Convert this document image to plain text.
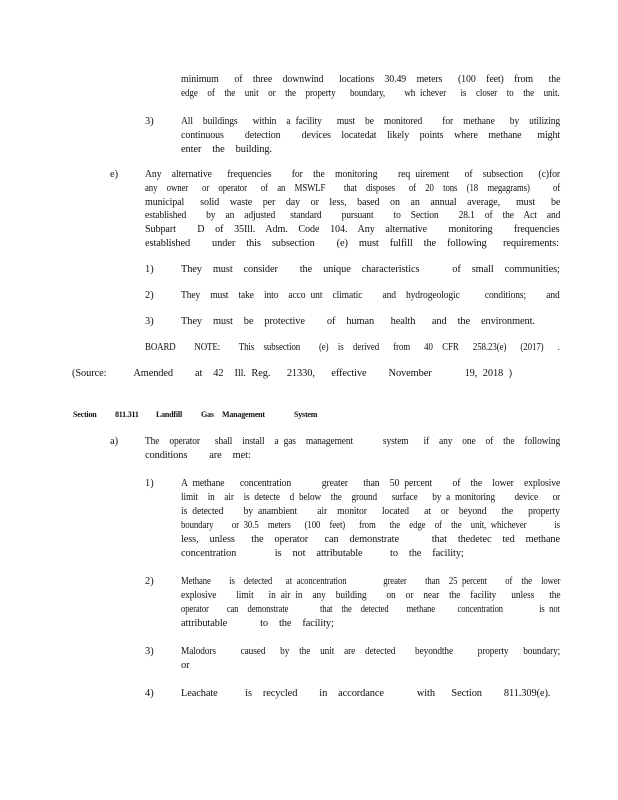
minimum   of  three  downwind   locations  30.49  meters   (100  feet)  from   the
edge  of  the  unit  or  the  property   boundary,    wh ichever   is  closer  to  the  unit.
3)	All  buildings   within  a facility   must  be  monitored    for  methane   by  utilizing
continuous    detection    devices  locatedat  likely  points  where  methane   might
enter  the  building.
e)	Any  alternative   frequencies    for  the  monitoring    req uirement   of  subsection   (c)for
any  owner   or  operator   of  an  MSWLF    that  disposes   of  20  tons  (18  megagrams)     of
municipal   solid  waste  per  day  or  less,  based  on  an  annual  average,   must   be
established    by  an  adjusted   standard    pursuant    to  Section    28.1  of  the  Act  and
Subpart    D  of  35Ill.  Adm.  Code  104.  Any  alternative    monitoring    frequencies
established    under  this  subsection    (e)  must  fulfill  the  following   requirements:
1)	They  must  consider    the  unique  characteristics      of  small  communities;
2)	They  must  take  into  acco unt  climatic    and  hydrogeologic     conditions;    and
3)	They  must  be  protective    of  human   health   and  the  environment.
BOARD    NOTE:    This  subsection    (e)  is  derived   from   40  CFR   258.23(e)   (2017)   .
(Source:     Amended    at  42  Ill. Reg.   21330,   effective    November      19, 2018 )
Section 811.311 Landfill Gas Management	System
a)	The  operator   shall  install  a gas  management      system   if  any  one  of  the  following
conditions    are  met:
1)	A methane   concentration      greater   than  50 percent    of  the  lower  explosive
limit  in  air  is detecte  d below  the  ground   surface   by a monitoring    device   or
is detected    by anambient    air  monitor   located   at  or  beyond   the   property
boundary    or 30.5  meters   (100  feet)   from   the  edge  of  the  unit, whichever      is
less,  unless   the  operator   can  demonstrate      that  thedetec  ted  methane
concentration       is  not  attributable     to  the  facility;
2)	Methane    is  detected   at aconcentration        greater    than  25 percent    of  the  lower
explosive    limit   in air in  any  building    on  or  near  the  facility   unless   the
operator    can  demonstrate       that  the  detected    methane     concentration        is not
attributable      to  the  facility;
3)	Malodors     caused   by  the  unit  are  detected    beyondthe     property   boundary;
or
4)	Leachate     is  recycled    in  accordance      with   Section    811.309(e).
